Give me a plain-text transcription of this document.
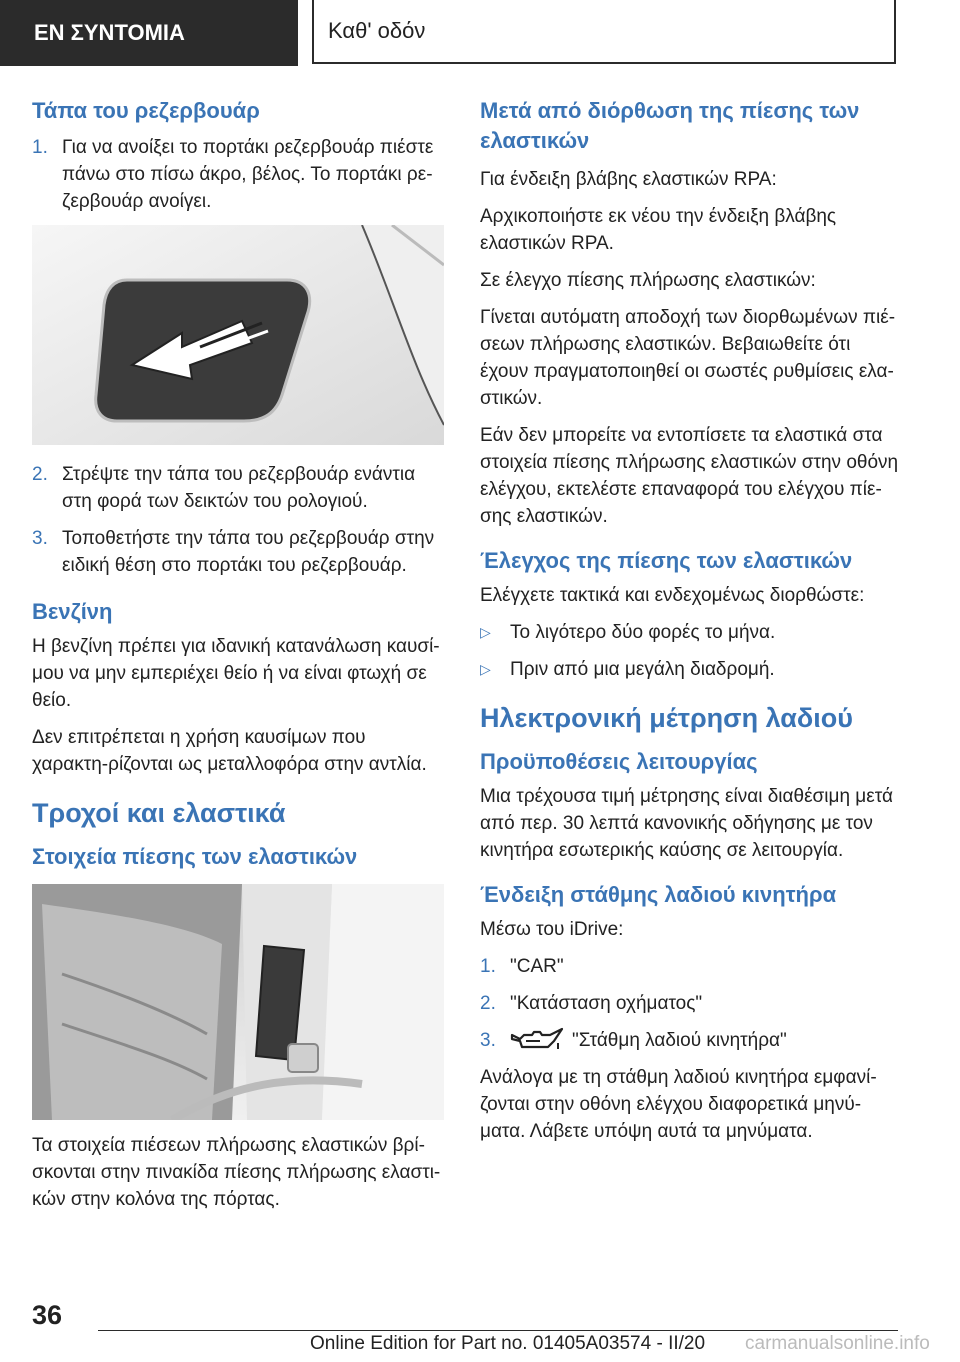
ΕΝ ΣΥΝΤΟΜΙΑ	Καθ' οδόν
Τάπα του ρεζερβουάρ
1. Για να ανοίξει το πορτάκι ρεζερβουάρ πιέστε πάνω στο πίσω άκρο, βέλος. Το πορτάκι ρε-ζερβουάρ ανοίγει.
2. Στρέψτε την τάπα του ρεζερβουάρ ενάντια στη φορά των δεικτών του ρολογιού.
3. Τοποθετήστε την τάπα του ρεζερβουάρ στην ειδική θέση στο πορτάκι του ρεζερβουάρ.
Βενζίνη

Η βενζίνη πρέπει για ιδανική κατανάλωση καυσί-μου να μην εμπεριέχει θείο ή να είναι φτωχή σε θείο.

Δεν επιτρέπεται η χρήση καυσίμων που χαρακτη-ρίζονται ως μεταλλοφόρα στην αντλία.

Τροχοί και ελαστικά
Στοιχεία πίεσης των ελαστικών

Τα στοιχεία πιέσεων πλήρωσης ελαστικών βρί-σκονται στην πινακίδα πίεσης πλήρωσης ελαστι-κών στην κολόνα της πόρτας.

Μετά από διόρθωση της πίεσης των ελαστικών

Για ένδειξη βλάβης ελαστικών RPA:

Αρχικοποιήστε εκ νέου την ένδειξη βλάβης ελαστικών RPA.

Σε έλεγχο πίεσης πλήρωσης ελαστικών:

Γίνεται αυτόματη αποδοχή των διορθωμένων πιέ-σεων πλήρωσης ελαστικών. Βεβαιωθείτε ότι έχουν πραγματοποιηθεί οι σωστές ρυθμίσεις ελα-στικών.

Εάν δεν μπορείτε να εντοπίσετε τα ελαστικά στα στοιχεία πίεσης πλήρωσης ελαστικών στην οθόνη ελέγχου, εκτελέστε επαναφορά του ελέγχου πίε-σης ελαστικών.

Έλεγχος της πίεσης των ελαστικών

Ελέγχετε τακτικά και ενδεχομένως διορθώστε:

▷	Το λιγότερο δύο φορές το μήνα.
▷	Πριν από μια μεγάλη διαδρομή.
Ηλεκτρονική μέτρηση λαδιού
Προϋποθέσεις λειτουργίας

Μια τρέχουσα τιμή μέτρησης είναι διαθέσιμη μετά από περ. 30 λεπτά κανονικής οδήγησης με τον κινητήρα εσωτερικής καύσης σε λειτουργία.

Ένδειξη στάθμης λαδιού κινητήρα

Μέσω του iDrive:

1. "CAR"
2. "Κατάσταση οχήματος"
3.	"Στάθμη λαδιού κινητήρα"

Ανάλογα με τη στάθμη λαδιού κινητήρα εμφανί-ζονται στην οθόνη ελέγχου διαφορετικά μηνύ-ματα. Λάβετε υπόψη αυτά τα μηνύματα.

36
Online Edition for Part no. 01405A03574 - II/20 carmanualsonline.info
